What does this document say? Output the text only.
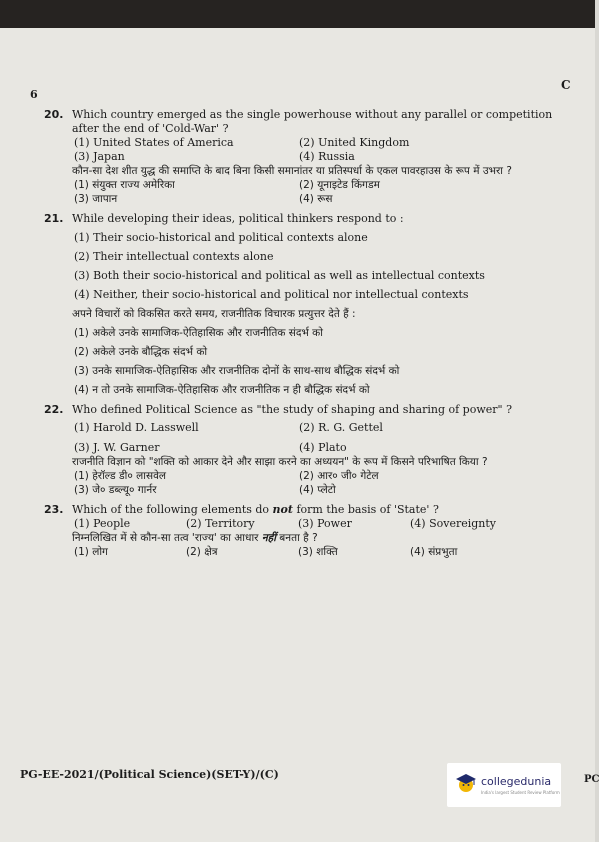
6
C
20. Which country emerged as the single powerhouse without any parallel or competition after the end of 'Cold-War' ?
(1) United States of America	(2) United Kingdom
(3) Japan	(4) Russia
कौन-सा देश शीत युद्ध की समाप्ति के बाद बिना किसी समानांतर या प्रतिस्पर्धा के एकल पावरहाउस के रूप में उभरा ?
(1) संयुक्त राज्य अमेरिका	(2) यूनाइटेड किंगडम
(3) जापान	(4) रूस
21. While developing their ideas, political thinkers respond to :
(1) Their socio-historical and political contexts alone
(2) Their intellectual contexts alone
(3) Both their socio-historical and political as well as intellectual contexts
(4) Neither, their socio-historical and political nor intellectual contexts
अपने विचारों को विकसित करते समय, राजनीतिक विचारक प्रत्युत्तर देते हैं :
(1) अकेले उनके सामाजिक-ऐतिहासिक और राजनीतिक संदर्भ को
(2) अकेले उनके बौद्धिक संदर्भ को
(3) उनके सामाजिक-ऐतिहासिक और राजनीतिक दोनों के साथ-साथ बौद्धिक संदर्भ को
(4) न तो उनके सामाजिक-ऐतिहासिक और राजनीतिक न ही बौद्धिक संदर्भ को
22. Who defined Political Science as "the study of shaping and sharing of power" ?
(1) Harold D. Lasswell	(2) R. G. Gettel
(3) J. W. Garner	(4) Plato
राजनीति विज्ञान को "शक्ति को आकार देने और साझा करने का अध्ययन" के रूप में किसने परिभाषित किया ?
(1) हेरॉल्ड डी० लासवेल	(2) आर० जी० गेटेल
(3) जे० डब्ल्यू० गार्नर	(4) प्लेटो
23. Which of the following elements do not form the basis of 'State' ?
(1) People	(2) Territory	(3) Power	(4) Sovereignty
निम्नलिखित में से कौन-सा तत्व 'राज्य' का आधार नहीं बनता है ?
(1) लोग	(2) क्षेत्र	(3) शक्ति	(4) संप्रभुता
PG-EE-2021/(Political Science)(SET-Y)/(C)
collegedunia
India's largest Student Review Platform
PC
